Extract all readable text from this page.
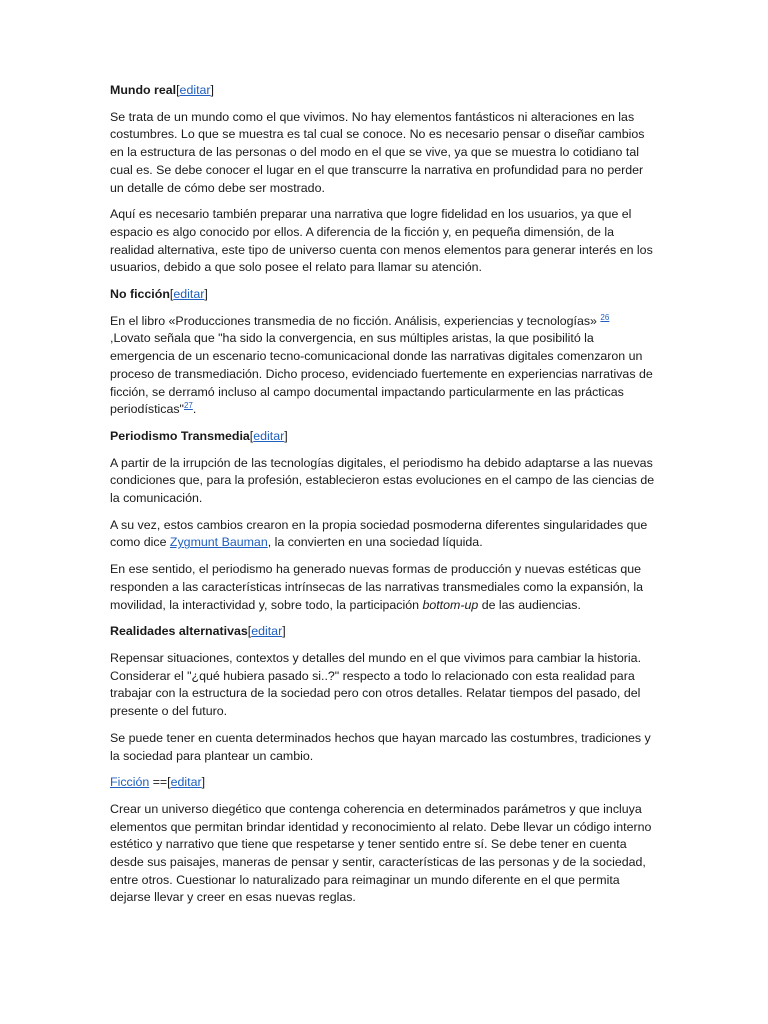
Mundo real[editar]

Se trata de un mundo como el que vivimos. No hay elementos fantásticos ni alteraciones en las costumbres. Lo que se muestra es tal cual se conoce. No es necesario pensar o diseñar cambios en la estructura de las personas o del modo en el que se vive, ya que se muestra lo cotidiano tal cual es. Se debe conocer el lugar en el que transcurre la narrativa en profundidad para no perder un detalle de cómo debe ser mostrado.

Aquí es necesario también preparar una narrativa que logre fidelidad en los usuarios, ya que el espacio es algo conocido por ellos. A diferencia de la ficción y, en pequeña dimensión, de la realidad alternativa, este tipo de universo cuenta con menos elementos para generar interés en los usuarios, debido a que solo posee el relato para llamar su atención.

No ficción[editar]

En el libro «Producciones transmedia de no ficción. Análisis, experiencias y tecnologías» $^{26}$
,Lovato señala que "ha sido la convergencia, en sus múltiples aristas, la que posibilitó la emergencia de un escenario tecno-comunicacional donde las narrativas digitales comenzaron un proceso de transmediación. Dicho proceso, evidenciado fuertemente en experiencias narrativas de ficción, se derramó incluso al campo documental impactando particularmente en las prácticas periodísticas"$^{27}$.

Periodismo Transmedia[editar]

A partir de la irrupción de las tecnologías digitales, el periodismo ha debido adaptarse a las nuevas condiciones que, para la profesión, establecieron estas evoluciones en el campo de las ciencias de la comunicación.

A su vez, estos cambios crearon en la propia sociedad posmoderna diferentes singularidades que como dice Zygmunt Bauman, la convierten en una sociedad líquida.

En ese sentido, el periodismo ha generado nuevas formas de producción y nuevas estéticas que responden a las características intrínsecas de las narrativas transmediales como la expansión, la movilidad, la interactividad y, sobre todo, la participación bottom-up de las audiencias.

Realidades alternativas[editar]

Repensar situaciones, contextos y detalles del mundo en el que vivimos para cambiar la historia. Considerar el "¿qué hubiera pasado si..?" respecto a todo lo relacionado con esta realidad para trabajar con la estructura de la sociedad pero con otros detalles. Relatar tiempos del pasado, del presente o del futuro.

Se puede tener en cuenta determinados hechos que hayan marcado las costumbres, tradiciones y la sociedad para plantear un cambio.

Ficción ==[editar]

Crear un universo diegético que contenga coherencia en determinados parámetros y que incluya elementos que permitan brindar identidad y reconocimiento al relato. Debe llevar un código interno estético y narrativo que tiene que respetarse y tener sentido entre sí. Se debe tener en cuenta desde sus paisajes, maneras de pensar y sentir, características de las personas y de la sociedad, entre otros. Cuestionar lo naturalizado para reimaginar un mundo diferente en el que permita dejarse llevar y creer en esas nuevas reglas.
